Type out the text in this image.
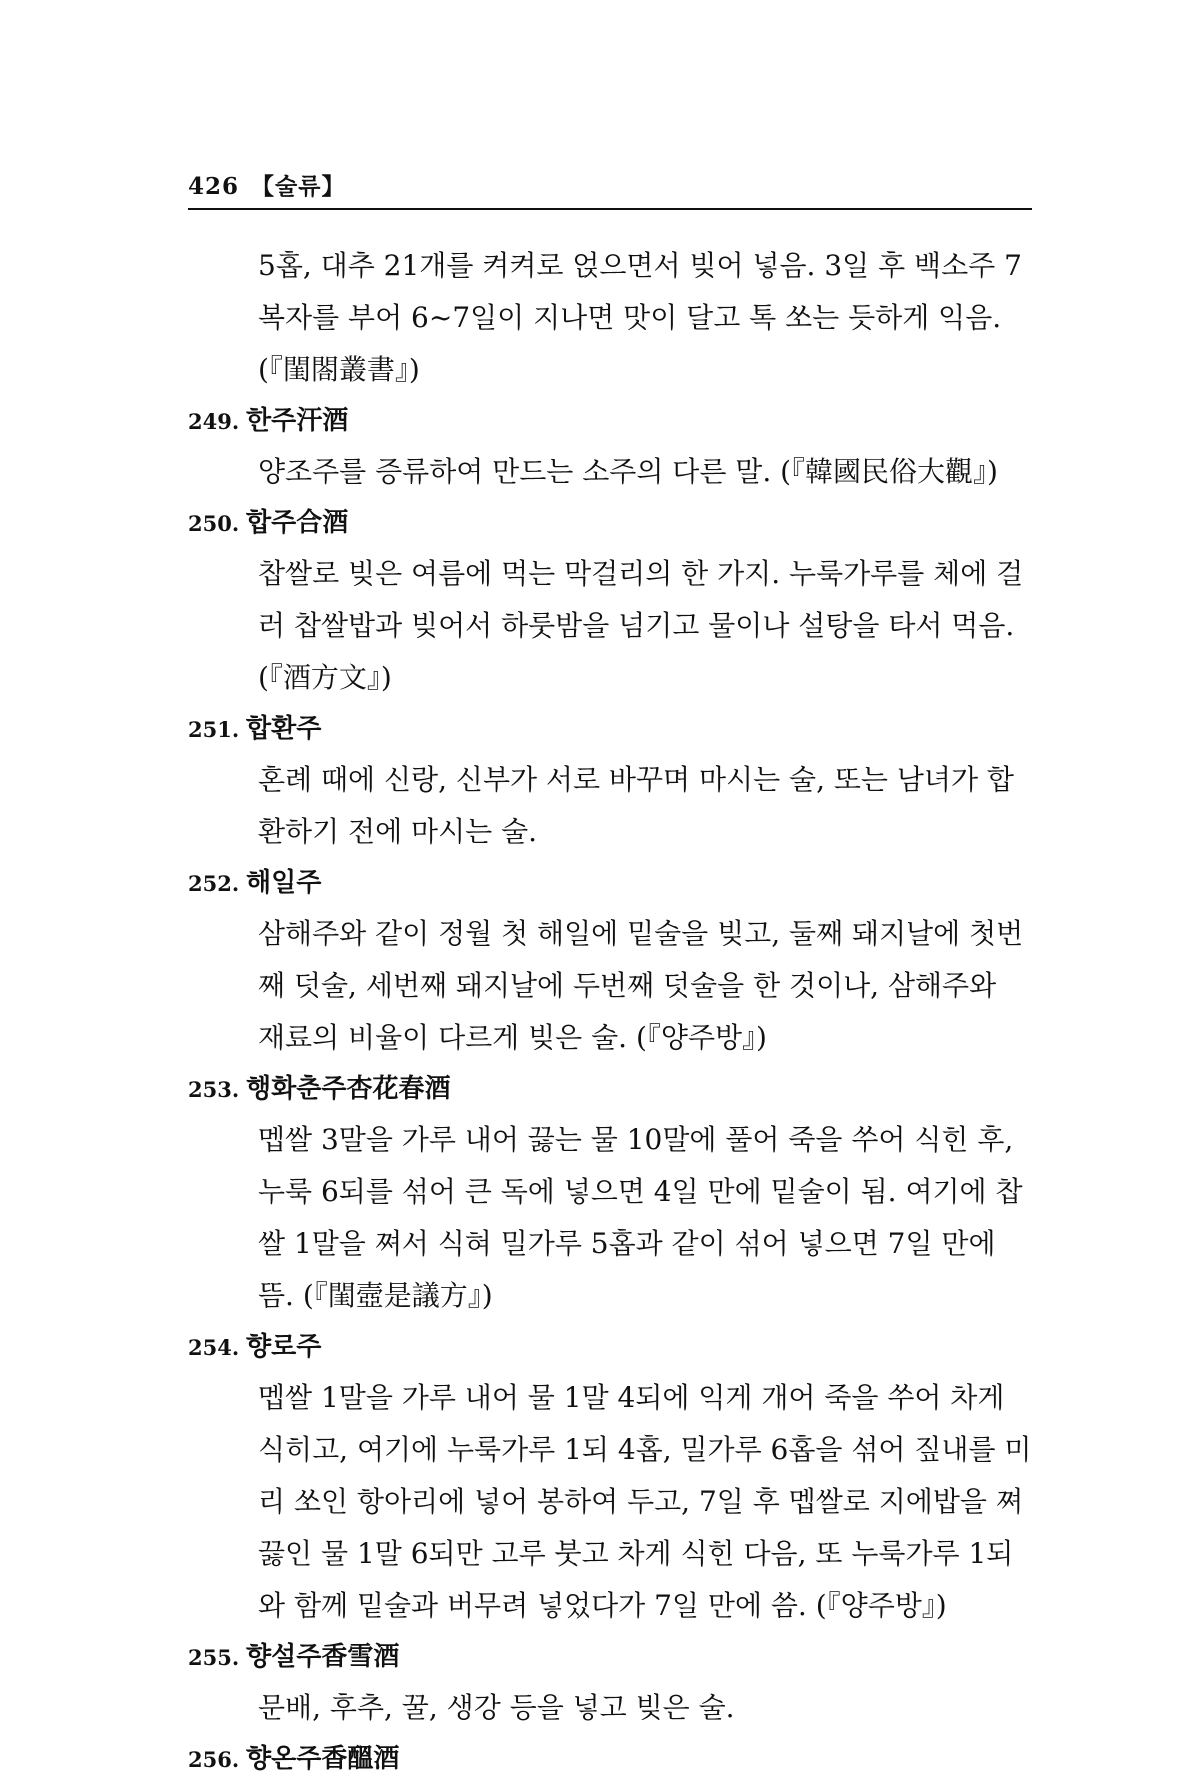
426 【술류】
5홉, 대추 21개를 켜켜로 얹으면서 빚어 넣음. 3일 후 백소주 7
복자를 부어 6~7일이 지나면 맛이 달고 톡 쏘는 듯하게 익음.
(『閨閤叢書』)
249. 한주汗酒
양조주를 증류하여 만드는 소주의 다른 말. (『韓國民俗大觀』)
250. 합주合酒
찹쌀로 빚은 여름에 먹는 막걸리의 한 가지. 누룩가루를 체에 걸
러 찹쌀밥과 빚어서 하룻밤을 넘기고 물이나 설탕을 타서 먹음.
(『酒方文』)
251. 합환주
혼례 때에 신랑, 신부가 서로 바꾸며 마시는 술, 또는 남녀가 합
환하기 전에 마시는 술.
252. 해일주
삼해주와 같이 정월 첫 해일에 밑술을 빚고, 둘째 돼지날에 첫번
째 덧술, 세번째 돼지날에 두번째 덧술을 한 것이나, 삼해주와
재료의 비율이 다르게 빚은 술. (『양주방』)
253. 행화춘주杏花春酒
멥쌀 3말을 가루 내어 끓는 물 10말에 풀어 죽을 쑤어 식힌 후,
누룩 6되를 섞어 큰 독에 넣으면 4일 만에 밑술이 됨. 여기에 찹
쌀 1말을 쪄서 식혀 밀가루 5홉과 같이 섞어 넣으면 7일 만에
뜸. (『閨壼是議方』)
254. 향로주
멥쌀 1말을 가루 내어 물 1말 4되에 익게 개어 죽을 쑤어 차게
식히고, 여기에 누룩가루 1되 4홉, 밀가루 6홉을 섞어 짚내를 미
리 쏘인 항아리에 넣어 봉하여 두고, 7일 후 멥쌀로 지에밥을 쪄
끓인 물 1말 6되만 고루 붓고 차게 식힌 다음, 또 누룩가루 1되
와 함께 밑술과 버무려 넣었다가 7일 만에 씀. (『양주방』)
255. 향설주香雪酒
문배, 후추, 꿀, 생강 등을 넣고 빚은 술.
256. 향온주香醞酒
